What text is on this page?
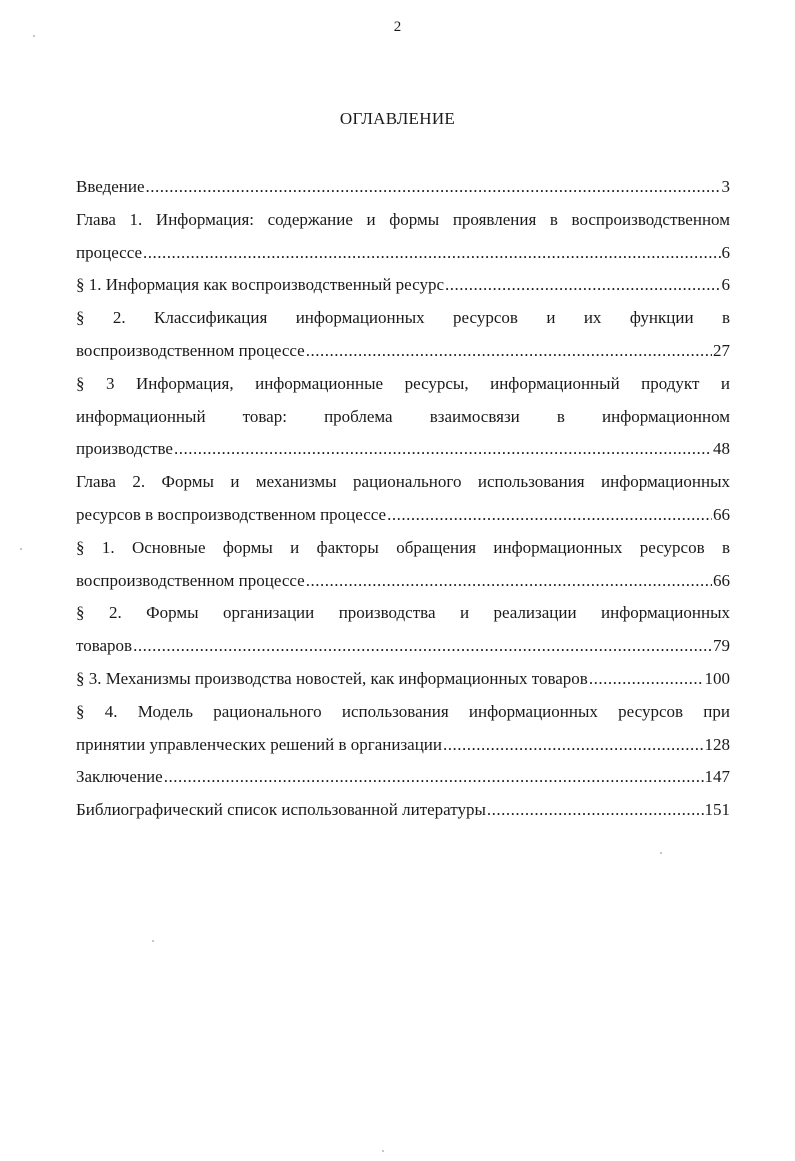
2
ОГЛАВЛЕНИЕ
Введение .....	3
Глава 1. Информация: содержание и формы проявления в воспроизводственном
процессе .....	6
§ 1. Информация как воспроизводственный ресурс .....	6
§ 2. Классификация информационных ресурсов и их функции в
воспроизводственном процессе .....	27
§ 3 Информация, информационные ресурсы, информационный продукт и
информационный товар: проблема взаимосвязи в информационном
производстве .....	48
Глава 2. Формы и механизмы рационального использования информационных
ресурсов в воспроизводственном процессе .....	66
§ 1. Основные формы и факторы обращения информационных ресурсов в
воспроизводственном процессе .....	66
§ 2. Формы организации производства и реализации информационных
товаров .....	79
§ 3. Механизмы производства новостей, как информационных товаров .....	100
§ 4. Модель рационального использования информационных ресурсов при
принятии управленческих решений в организации .....	128
Заключение .....	147
Библиографический список использованной литературы .....	151
